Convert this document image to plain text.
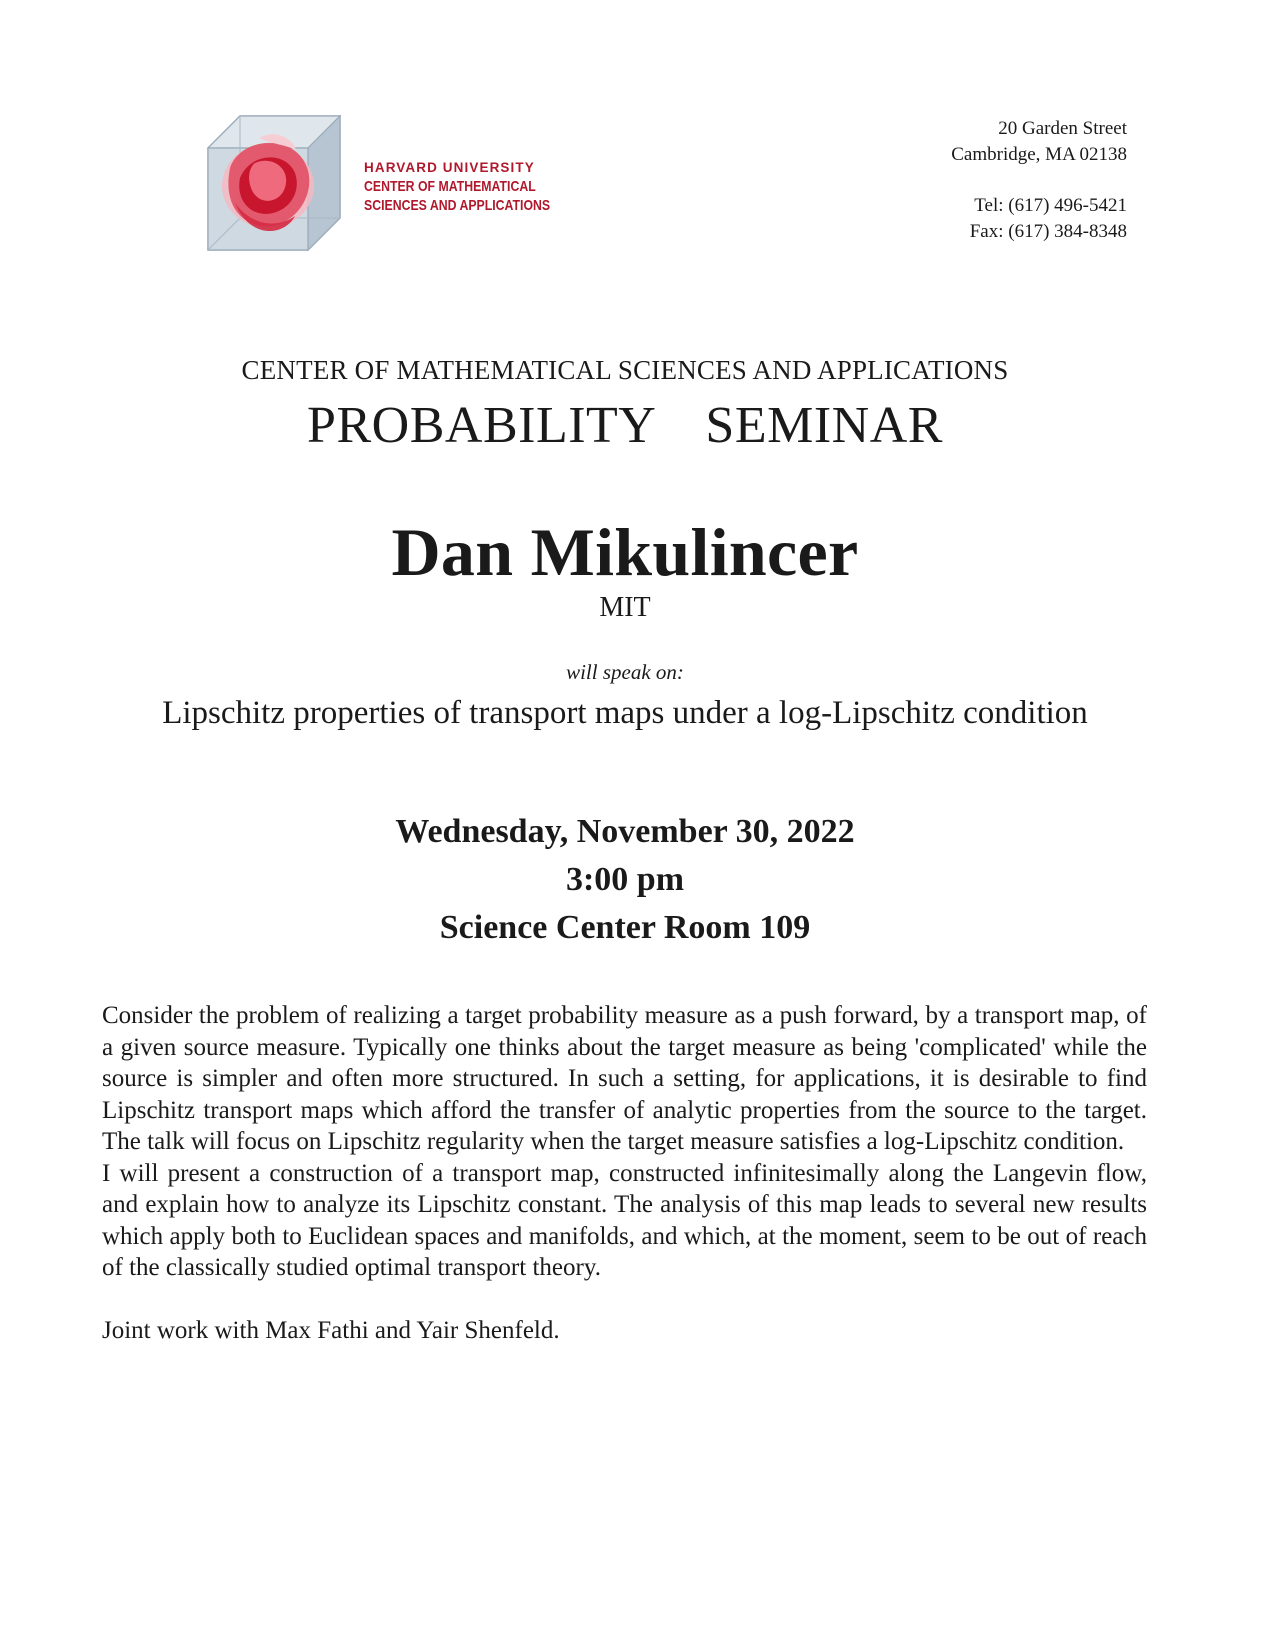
HARVARD UNIVERSITY
CENTER OF MATHEMATICAL
SCIENCES AND APPLICATIONS
20 Garden Street
Cambridge, MA 02138
Tel: (617) 496-5421
Fax: (617) 384-8348
CENTER OF MATHEMATICAL SCIENCES AND APPLICATIONS
PROBABILITY  SEMINAR
Dan Mikulincer
MIT
will speak on:
Lipschitz properties of transport maps under a log-Lipschitz condition
Wednesday, November 30, 2022
3:00 pm
Science Center Room 109

Consider the problem of realizing a target probability measure as a push forward, by a transport map, of a given source measure. Typically one thinks about the target measure as being 'complicated' while the source is simpler and often more structured. In such a setting, for applications, it is desirable to find Lipschitz transport maps which afford the transfer of analytic properties from the source to the target. The talk will focus on Lipschitz regularity when the target measure satisfies a log-Lipschitz condition.

I will present a construction of a transport map, constructed infinitesimally along the Langevin flow, and explain how to analyze its Lipschitz constant. The analysis of this map leads to several new results which apply both to Euclidean spaces and manifolds, and which, at the moment, seem to be out of reach of the classically studied optimal transport theory.

Joint work with Max Fathi and Yair Shenfeld.
